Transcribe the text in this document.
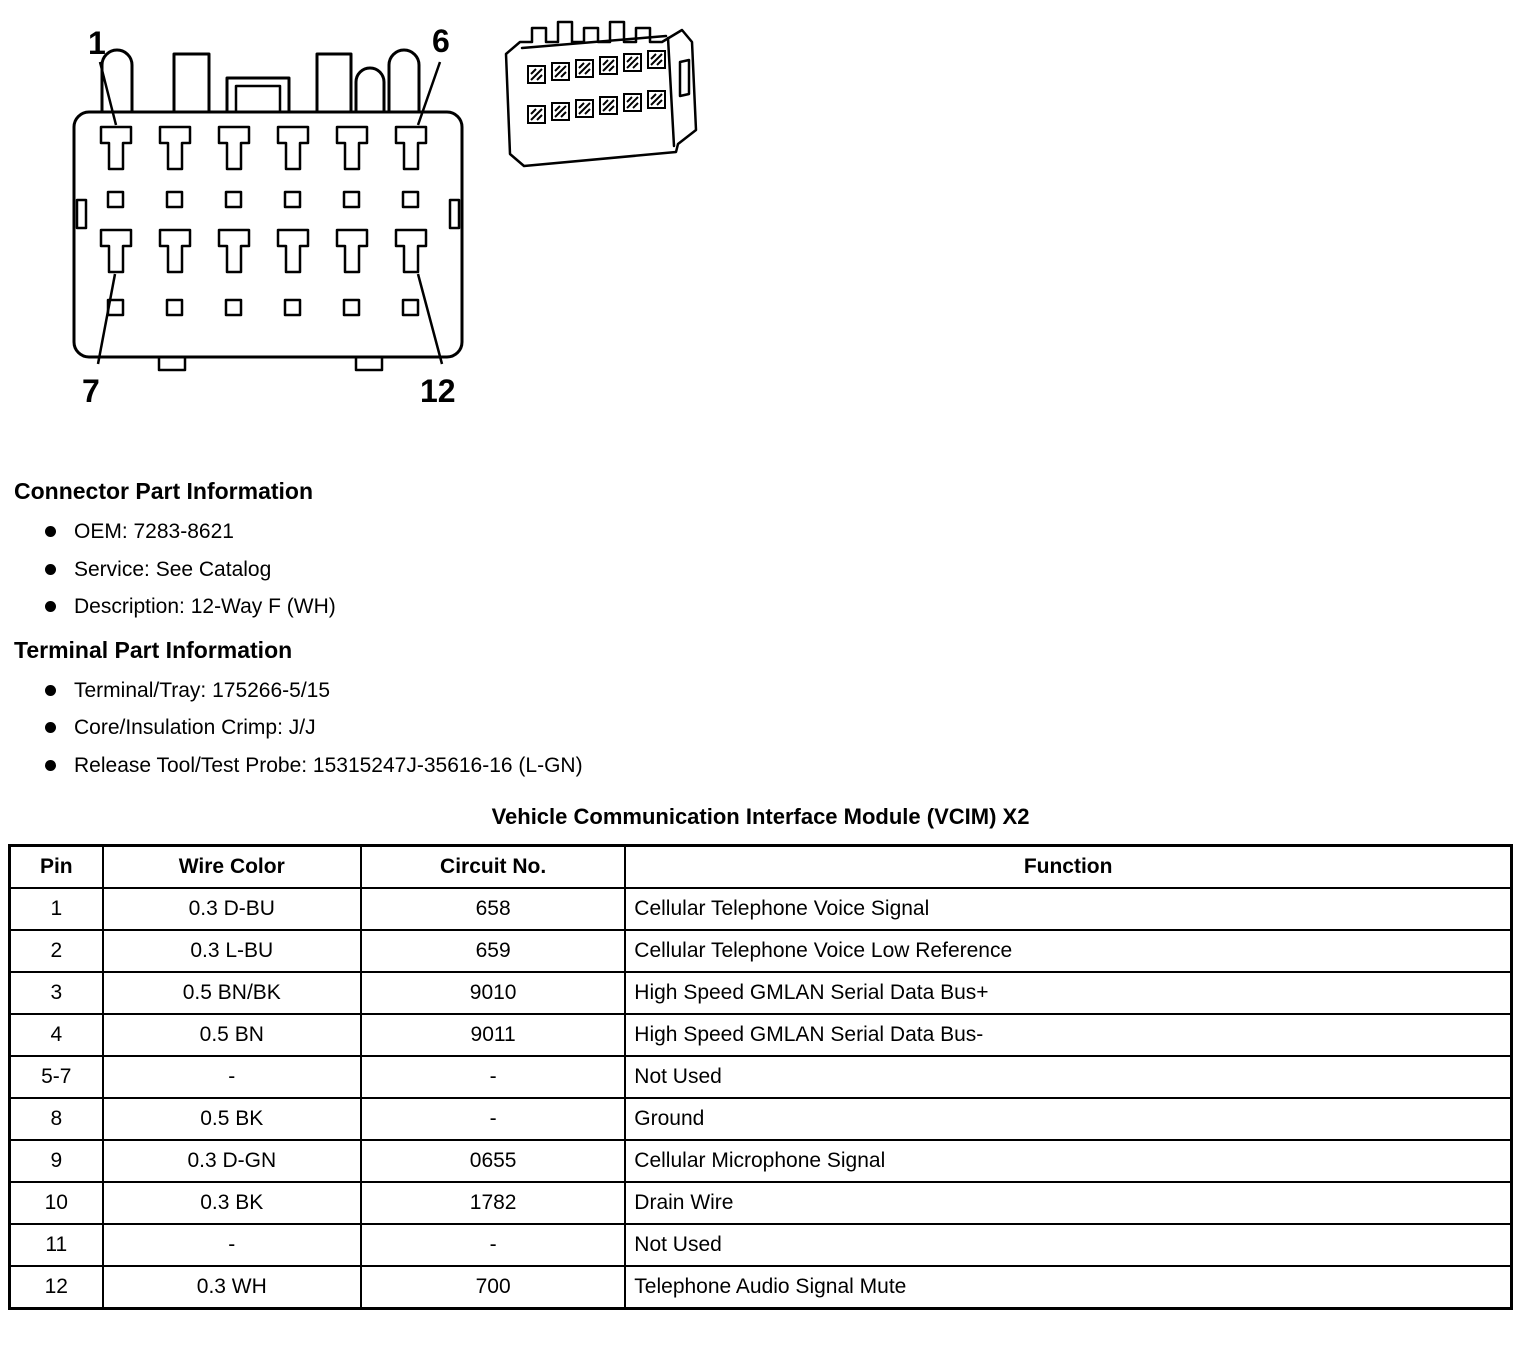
1	6
7	12
Connector Part Information
OEM: 7283-8621
Service: See Catalog
Description: 12-Way F (WH)
Terminal Part Information
Terminal/Tray: 175266-5/15
Core/Insulation Crimp: J/J
Release Tool/Test Probe: 15315247J-35616-16 (L-GN)
Vehicle Communication Interface Module (VCIM) X2
Pin	Wire Color	Circuit No.	Function
1	0.3 D-BU	658	Cellular Telephone Voice Signal
2	0.3 L-BU	659	Cellular Telephone Voice Low Reference
3	0.5 BN/BK	9010	High Speed GMLAN Serial Data Bus+
4	0.5 BN	9011	High Speed GMLAN Serial Data Bus-
5-7	-	-	Not Used
8	0.5 BK	-	Ground
9	0.3 D-GN	0655	Cellular Microphone Signal
10	0.3 BK	1782	Drain Wire
11	-	-	Not Used
12	0.3 WH	700	Telephone Audio Signal Mute
